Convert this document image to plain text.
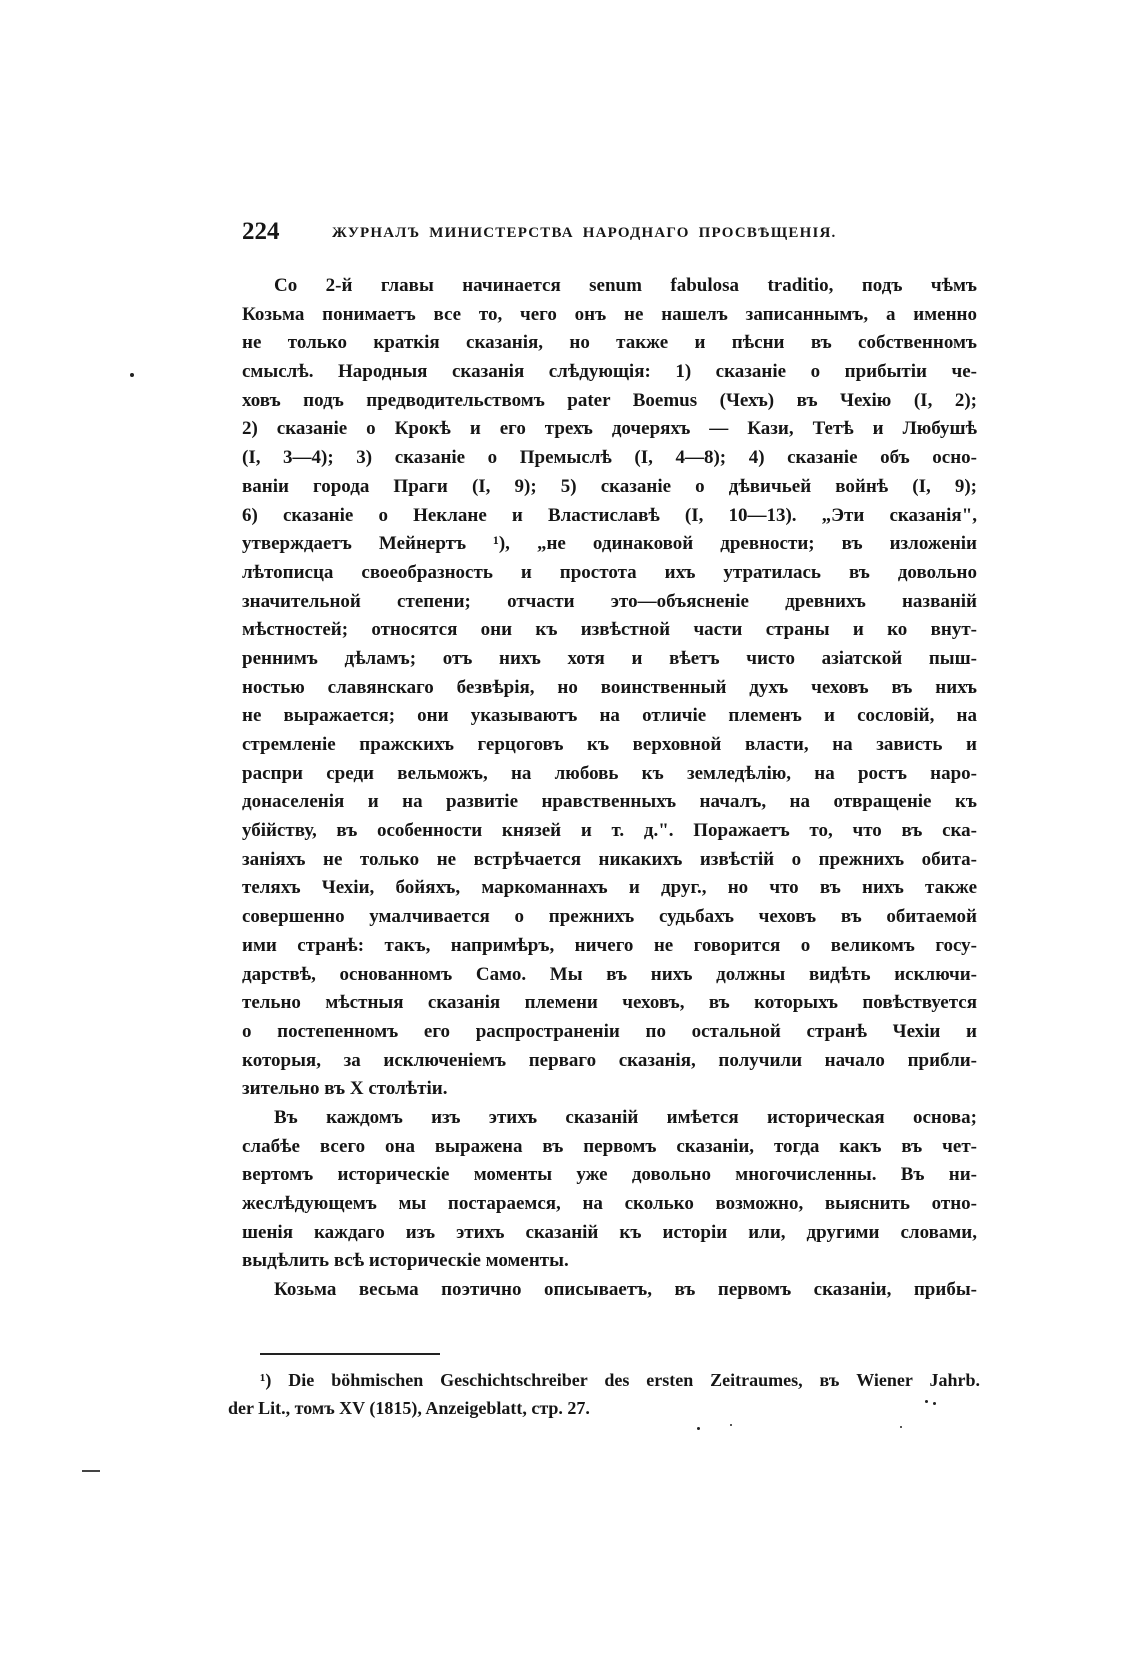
224	ЖУРНАЛЪ МИНИСТЕРСТВА НАРОДНАГО ПРОСВѢЩЕНІЯ.
Со 2-й главы начинается senum fabulosa traditio, подъ чѣмъ
Козьма понимаетъ все то, чего онъ не нашелъ записаннымъ, а именно
не только краткія сказанія, но также и пѣсни въ собственномъ
смыслѣ. Народныя сказанія слѣдующія: 1) сказаніе о прибытіи че-
ховъ подъ предводительствомъ pater Boemus (Чехъ) въ Чехію (I, 2);
2) сказаніе о Крокѣ и его трехъ дочеряхъ — Кази, Тетѣ и Любушѣ
(I, 3—4); 3) сказаніе о Премыслѣ (I, 4—8); 4) сказаніе объ осно-
ваніи города Праги (I, 9); 5) сказаніе о дѣвичьей войнѣ (I, 9);
6) сказаніе о Неклане и Властиславѣ (I, 10—13). „Эти сказанія",
утверждаетъ Мейнертъ ¹), „не одинаковой древности; въ изложеніи
лѣтописца своеобразность и простота ихъ утратилась въ довольно
значительной степени; отчасти это—объясненіе древнихъ названій
мѣстностей; относятся они къ извѣстной части страны и ко внут-
реннимъ дѣламъ; отъ нихъ хотя и вѣетъ чисто азіатской пыш-
ностью славянскаго безвѣрія, но воинственный духъ чеховъ въ нихъ
не выражается; они указываютъ на отличіе племенъ и сословій, на
стремленіе пражскихъ герцоговъ къ верховной власти, на зависть и
распри среди вельможъ, на любовь къ земледѣлію, на ростъ наро-
донаселенія и на развитіе нравственныхъ началъ, на отвращеніе къ
убійству, въ особенности князей и т. д.". Поражаетъ то, что въ ска-
заніяхъ не только не встрѣчается никакихъ извѣстій о прежнихъ обита-
теляхъ Чехіи, бойяхъ, маркоманнахъ и друг., но что въ нихъ также
совершенно умалчивается о прежнихъ судьбахъ чеховъ въ обитаемой
ими странѣ: такъ, напримѣръ, ничего не говорится о великомъ госу-
дарствѣ, основанномъ Само. Мы въ нихъ должны видѣть исключи-
тельно мѣстныя сказанія племени чеховъ, въ которыхъ повѣствуется
о постепенномъ его распространеніи по остальной странѣ Чехіи и
которыя, за исключеніемъ перваго сказанія, получили начало прибли-
зительно въ X столѣтіи.
Въ каждомъ изъ этихъ сказаній имѣется историческая основа;
слабѣе всего она выражена въ первомъ сказаніи, тогда какъ въ чет-
вертомъ историческіе моменты уже довольно многочисленны. Въ ни-
жеслѣдующемъ мы постараемся, на сколько возможно, выяснить отно-
шенія каждаго изъ этихъ сказаній къ исторіи или, другими словами,
выдѣлить всѣ историческіе моменты.
Козьма весьма поэтично описываетъ, въ первомъ сказаніи, прибы-
¹) Die böhmischen Geschichtschreiber des ersten Zeitraumes, въ Wiener Jahrb.
der Lit., томъ XV (1815), Anzeigeblatt, стр. 27.
